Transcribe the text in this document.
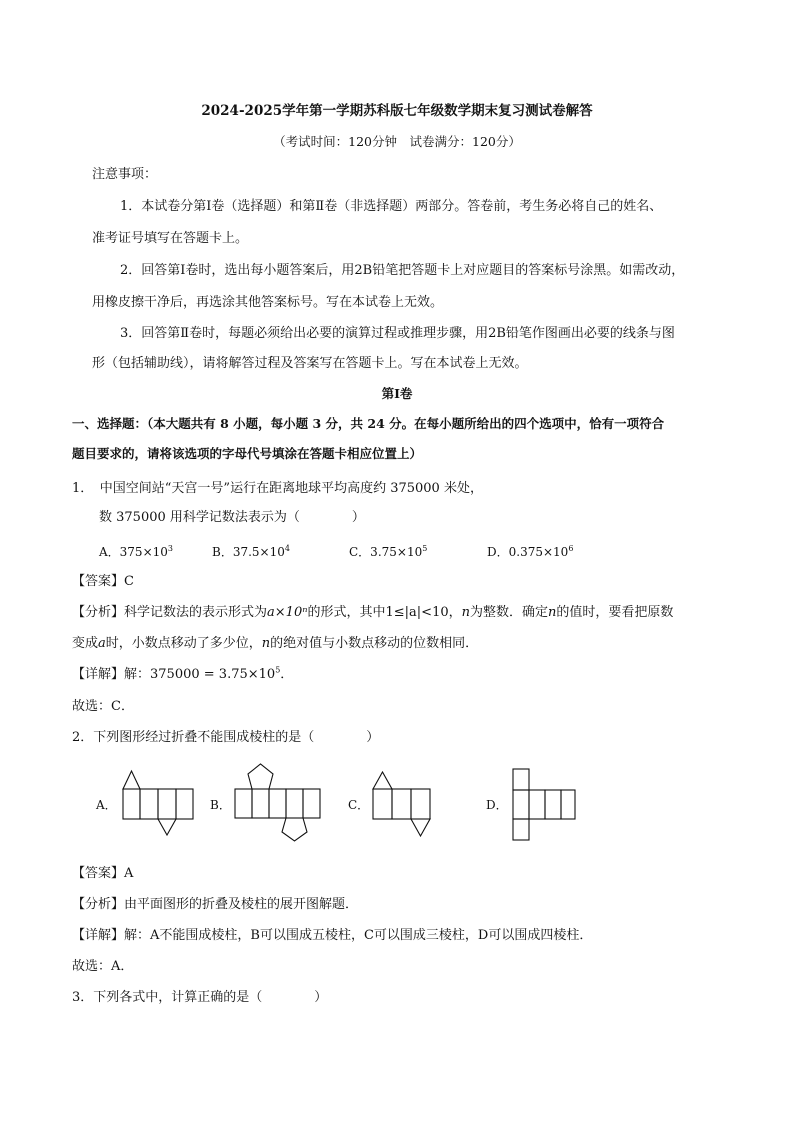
2024-2025学年第一学期苏科版七年级数学期末复习测试卷解答
（考试时间：120分钟　试卷满分：120分）
注意事项：
1．本试卷分第Ⅰ卷（选择题）和第Ⅱ卷（非选择题）两部分。答卷前，考生务必将自己的姓名、
准考证号填写在答题卡上。
2．回答第Ⅰ卷时，选出每小题答案后，用2B铅笔把答题卡上对应题目的答案标号涂黑。如需改动，
用橡皮擦干净后，再选涂其他答案标号。写在本试卷上无效。
3．回答第Ⅱ卷时，每题必须给出必要的演算过程或推理步骤，用2B铅笔作图画出必要的线条与图
形（包括辅助线），请将解答过程及答案写在答题卡上。写在本试卷上无效。
第Ⅰ卷
一、选择题：（本大题共有 8 小题，每小题 3 分，共 24 分。在每小题所给出的四个选项中，恰有一项符合
题目要求的，请将该选项的字母代号填涂在答题卡相应位置上）
1．　中国空间站“天宫一号”运行在距离地球平均高度约 375000 米处，
数 375000 用科学记数法表示为（　　　　）
A．$375\times 10^3$	B．$37.5\times 10^4$	C．$3.75\times 10^5$	D．$0.375\times 10^6$
【答案】C
【分析】科学记数法的表示形式为a×10ⁿ的形式，其中1≤|a|<10，n为整数．确定n的值时，要看把原数
变成a时，小数点移动了多少位，n的绝对值与小数点移动的位数相同．
【详解】解：$375000 = 3.75\times 10^5$．
故选：C．
2．下列图形经过折叠不能围成棱柱的是（　　　　）
A．	B．	C．	D．
【答案】A
【分析】由平面图形的折叠及棱柱的展开图解题．
【详解】解：A不能围成棱柱，B可以围成五棱柱，C可以围成三棱柱，D可以围成四棱柱．
故选：A．
3．下列各式中，计算正确的是（　　　　）
